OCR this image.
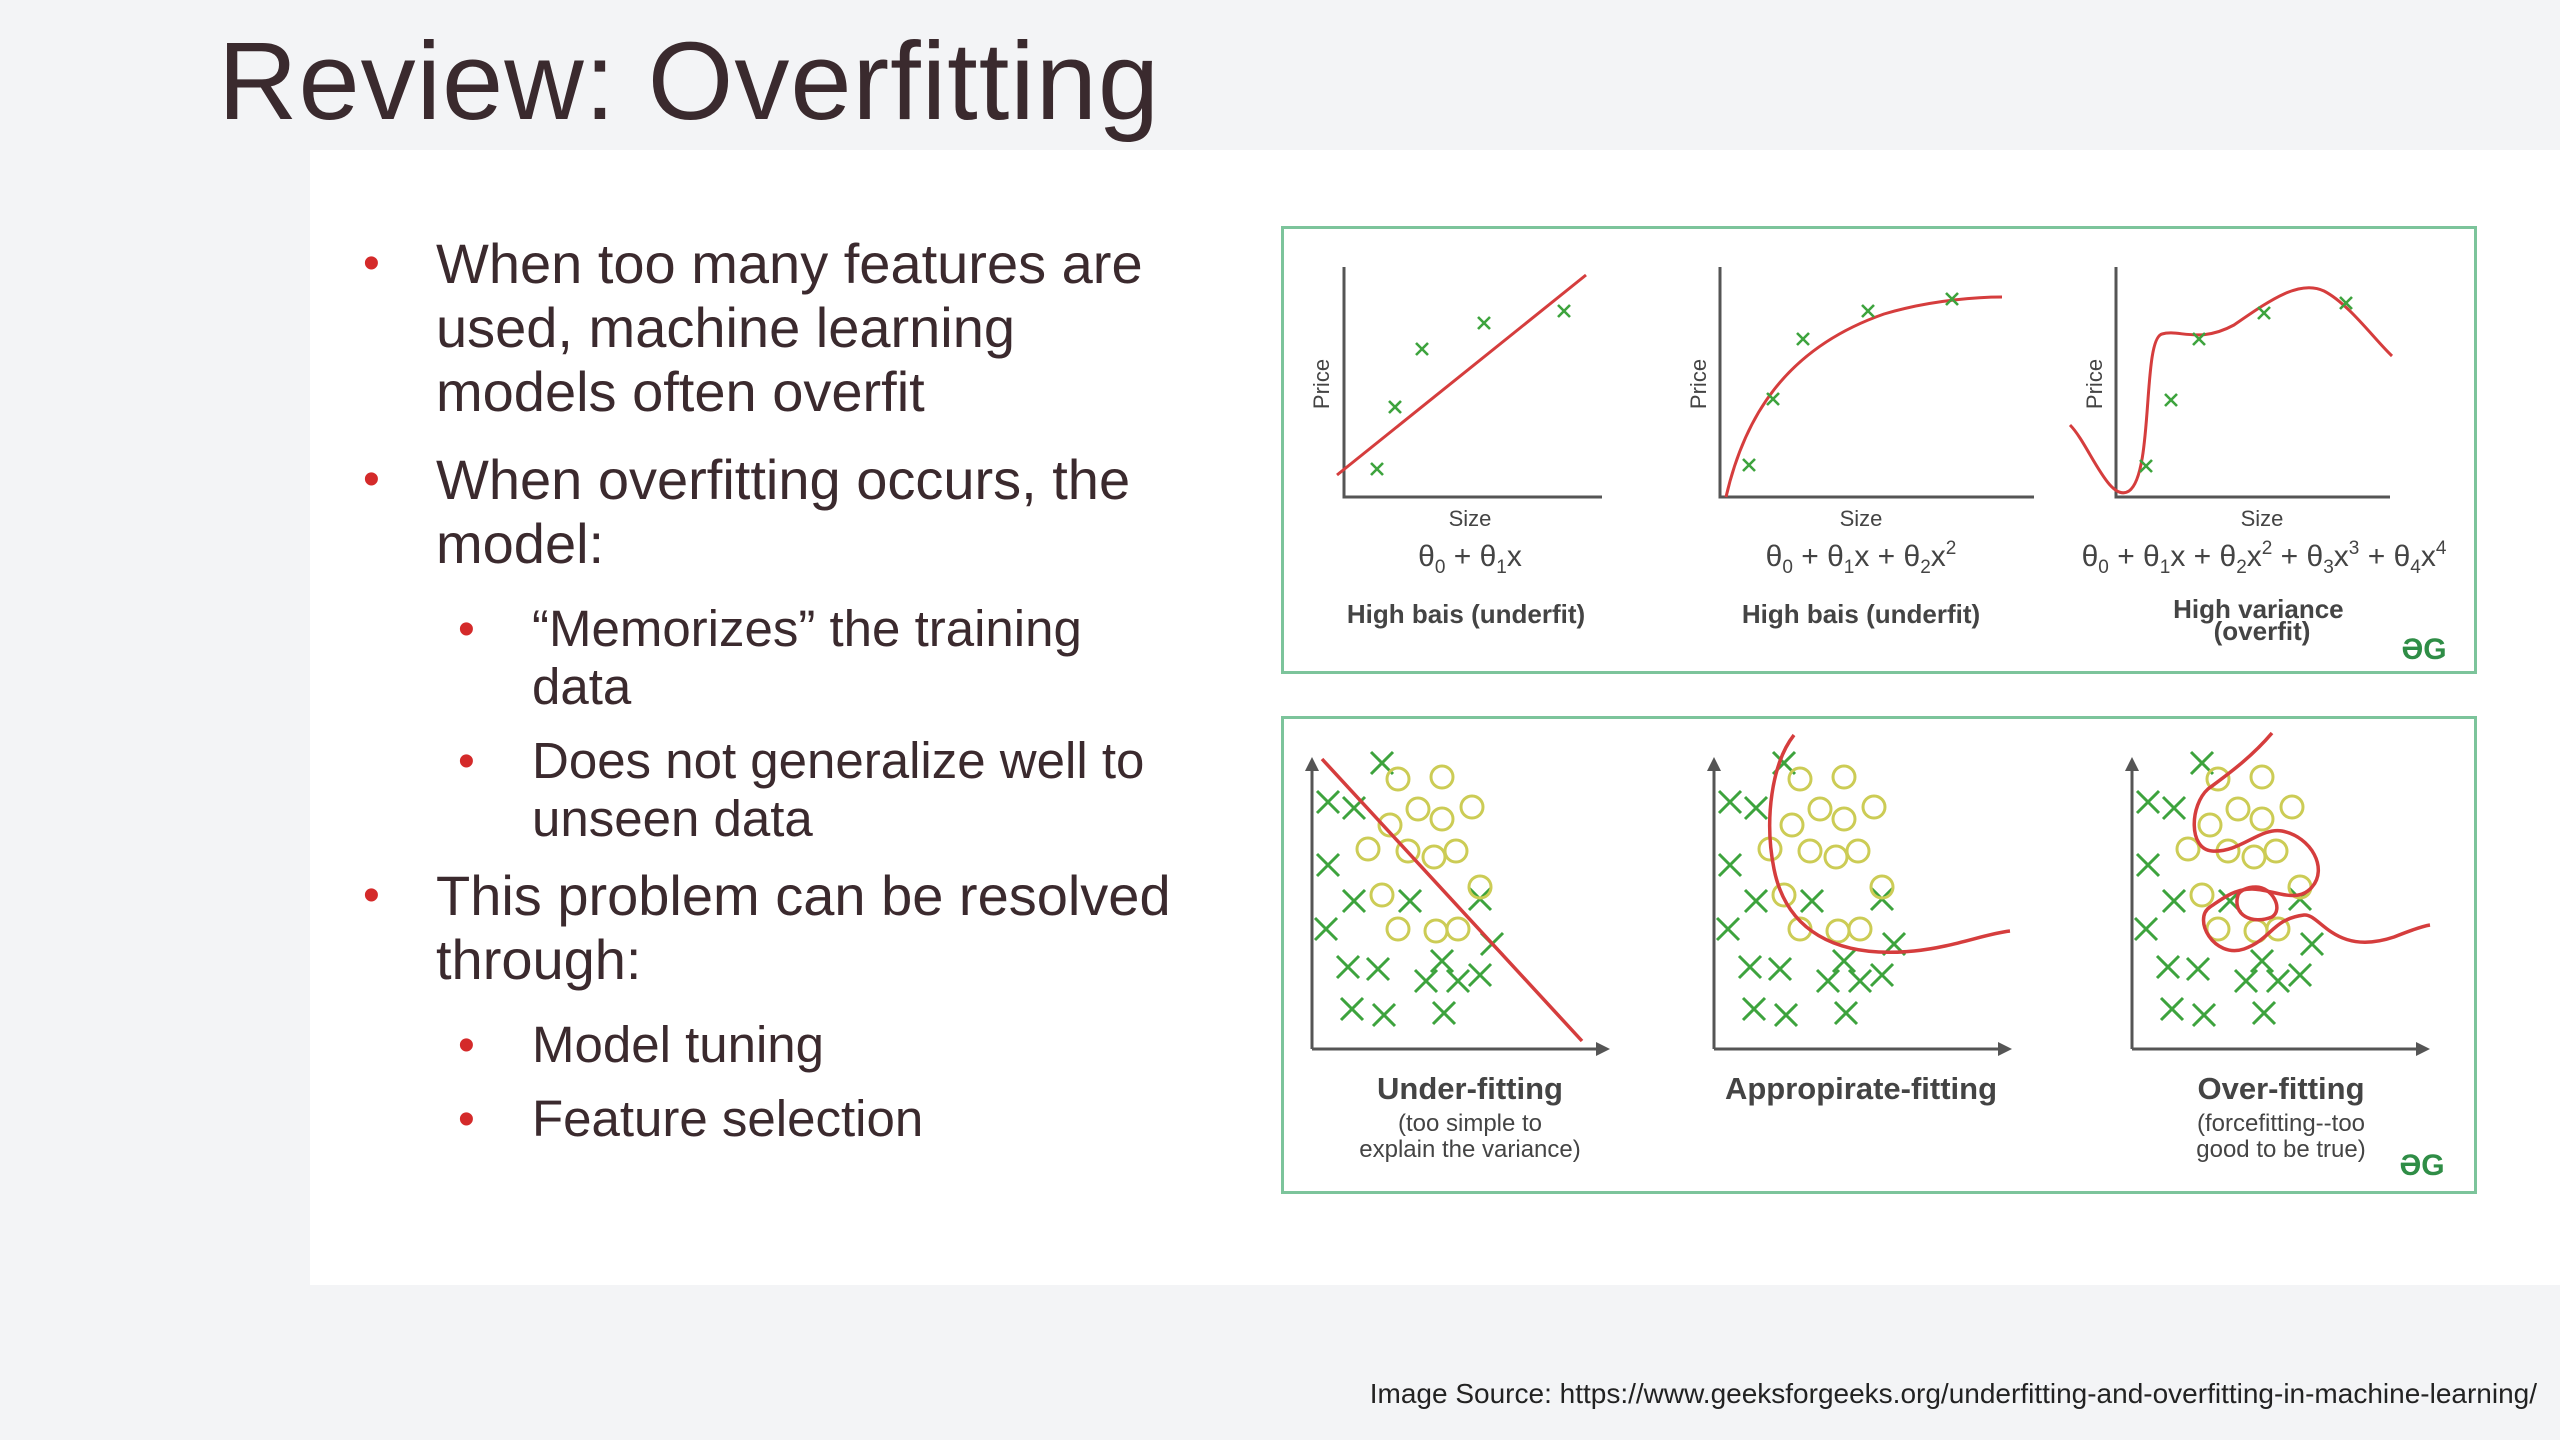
Review: Overfitting
• When too many features are used, machine learning models often overfit
• When overfitting occurs, the model:
• “Memorizes” the training data
• Does not generalize well to unseen data
• This problem can be resolved through:
• Model tuning
• Feature selection
Price
Size
$\theta_0 + \theta_1x$
High bais (underfit)
Price
Size
$\theta_0 + \theta_1x + \theta_2x^2$
High bais (underfit)
Price
Size
$\theta_0 + \theta_1x + \theta_2x^2 + \theta_3x^3 + \theta_4x^4$
High variance (overfit)
ƏG
Under-fitting
(too simple to
explain the variance)
Appropirate-fitting	Over-fitting
(forcefitting--too
good to be true) ƏG
Image Source: https://www.geeksforgeeks.org/underfitting-and-overfitting-in-machine-learning/
